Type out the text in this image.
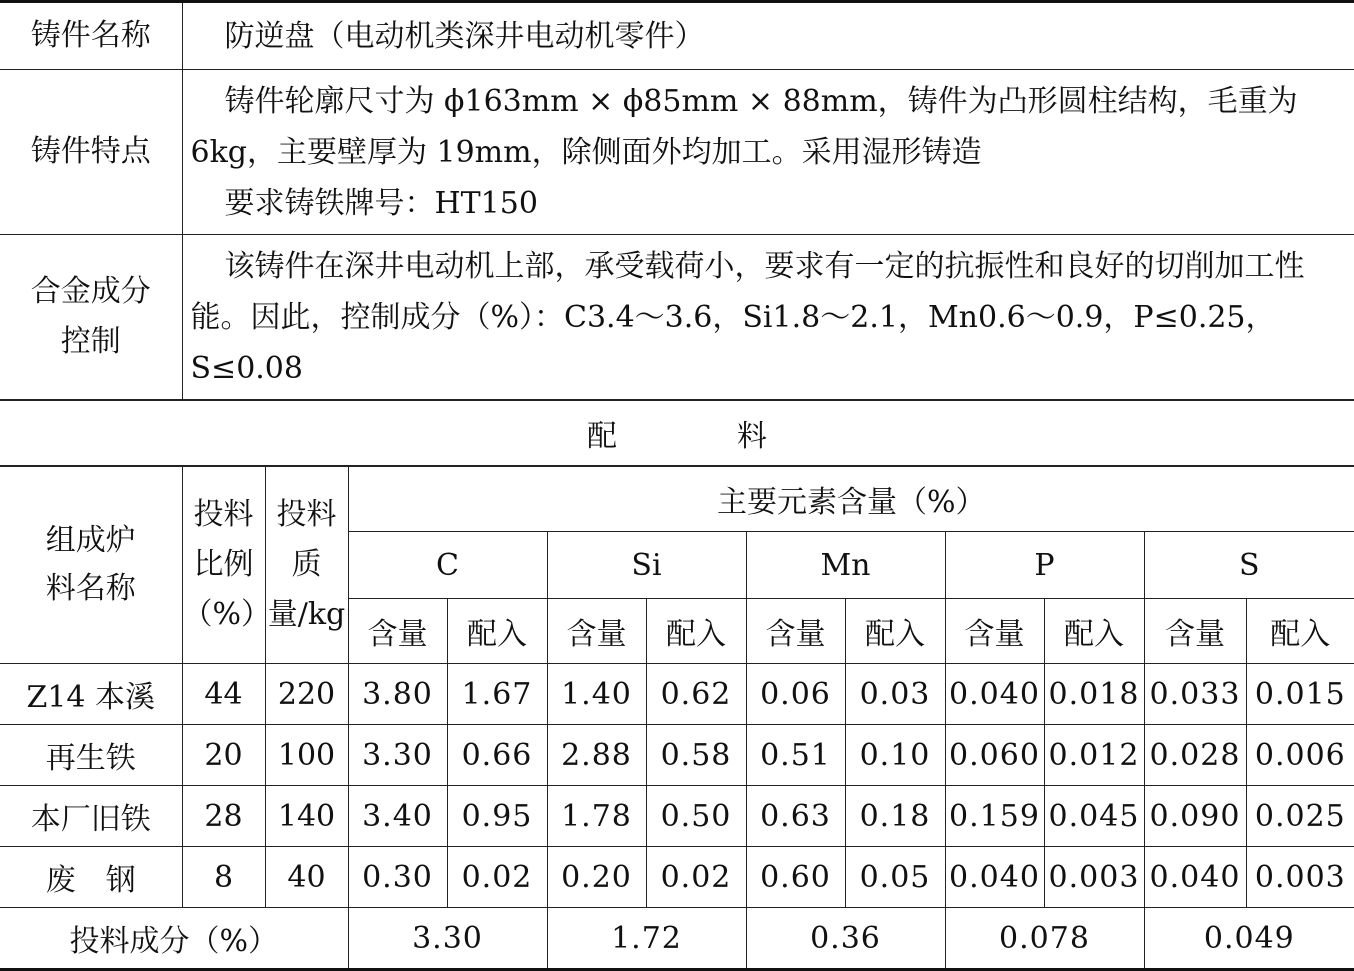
铸件名称	防逆盘（电动机类深井电动机零件）

铸件特点	铸件轮廓尺寸为 ϕ163mm × ϕ85mm × 88mm，铸件为凸形圆柱结构，毛重为6kg，主要壁厚为 19mm，除侧面外均加工。采用湿形铸造
要求铸铁牌号：HT150

合金成分控制	该铸件在深井电动机上部，承受载荷小，要求有一定的抗振性和良好的切削加工性能。因此，控制成分（%）：C3.4～3.6，Si1.8～2.1，Mn0.6～0.9，P≤0.25，S≤0.08
配	料
组成炉料名称	投料比例（%）	投料质量/kg	主要元素含量（%）									
			C		Si		Mn		P		S	
			含量	配入	含量	配入	含量	配入	含量	配入	含量	配入
Z14 本溪	44	220	3.80	1.67	1.40	0.62	0.06	0.03	0.040	0.018	0.033	0.015
再生铁	20	100	3.30	0.66	2.88	0.58	0.51	0.10	0.060	0.012	0.028	0.006
本厂旧铁	28	140	3.40	0.95	1.78	0.50	0.63	0.18	0.159	0.045	0.090	0.025
废　钢	8	40	0.30	0.02	0.20	0.02	0.60	0.05	0.040	0.003	0.040	0.003
投料成分（%）			3.30		1.72		0.36		0.078		0.049	
